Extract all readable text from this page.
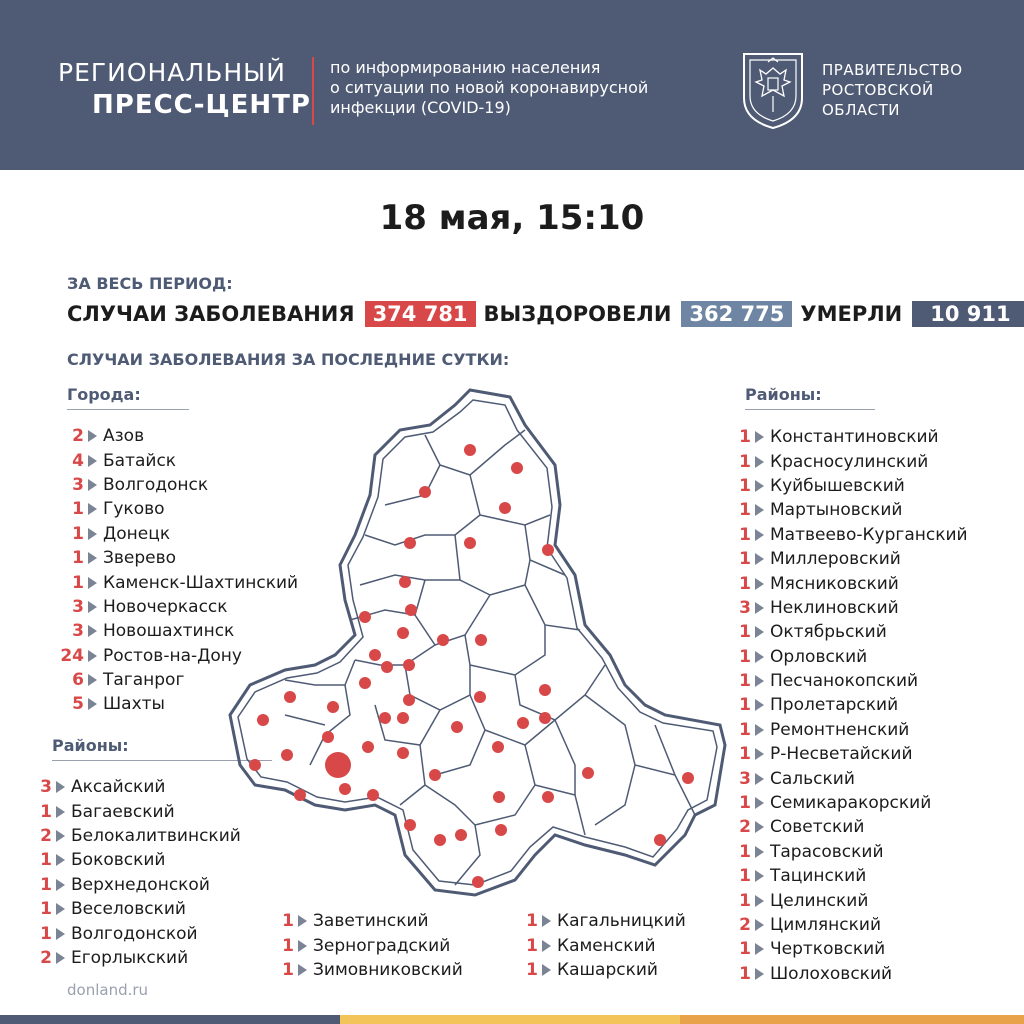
РЕГИОНАЛЬНЫЙ
ПРЕСС-ЦЕНТР
по информированию населения
о ситуации по новой коронавирусной
инфекции (COVID-19)
ПРАВИТЕЛЬСТВО
РОСТОВСКОЙ
ОБЛАСТИ
18 мая, 15:10
ЗА ВЕСЬ ПЕРИОД:
СЛУЧАИ ЗАБОЛЕВАНИЯ 374 781 ВЫЗДОРОВЕЛИ 362 775 УМЕРЛИ	10 911
СЛУЧАИ ЗАБОЛЕВАНИЯ ЗА ПОСЛЕДНИЕ СУТКИ:
Города:
2 Азов
4 Батайск
3 Волгодонск
1 Гуково
1 Донецк
1 Зверево
1 Каменск-Шахтинский
3 Новочеркасск
3 Новошахтинск
24 Ростов-на-Дону
6 Таганрог
5 Шахты
Районы:
3 Аксайский
1 Багаевский
2 Белокалитвинский
1 Боковский
1 Верхнедонской
1 Веселовский
1 Волгодонской
2 Егорлыкский
1 Заветинский
1 Зерноградский
1 Зимовниковский
1 Кагальницкий
1 Каменский
1 Кашарский
Районы:
1 Константиновский
1 Красносулинский
1 Куйбышевский
1 Мартыновский
1 Матвеево-Курганский
1 Миллеровский
1 Мясниковский
3 Неклиновский
1 Октябрьский
1 Орловский
1 Песчанокопский
1 Пролетарский
1 Ремонтненский
1 Р-Несветайский
3 Сальский
1 Семикаракорский
2 Советский
1 Тарасовский
1 Тацинский
1 Целинский
2 Цимлянский
1 Чертковский
1 Шолоховский
donland.ru
